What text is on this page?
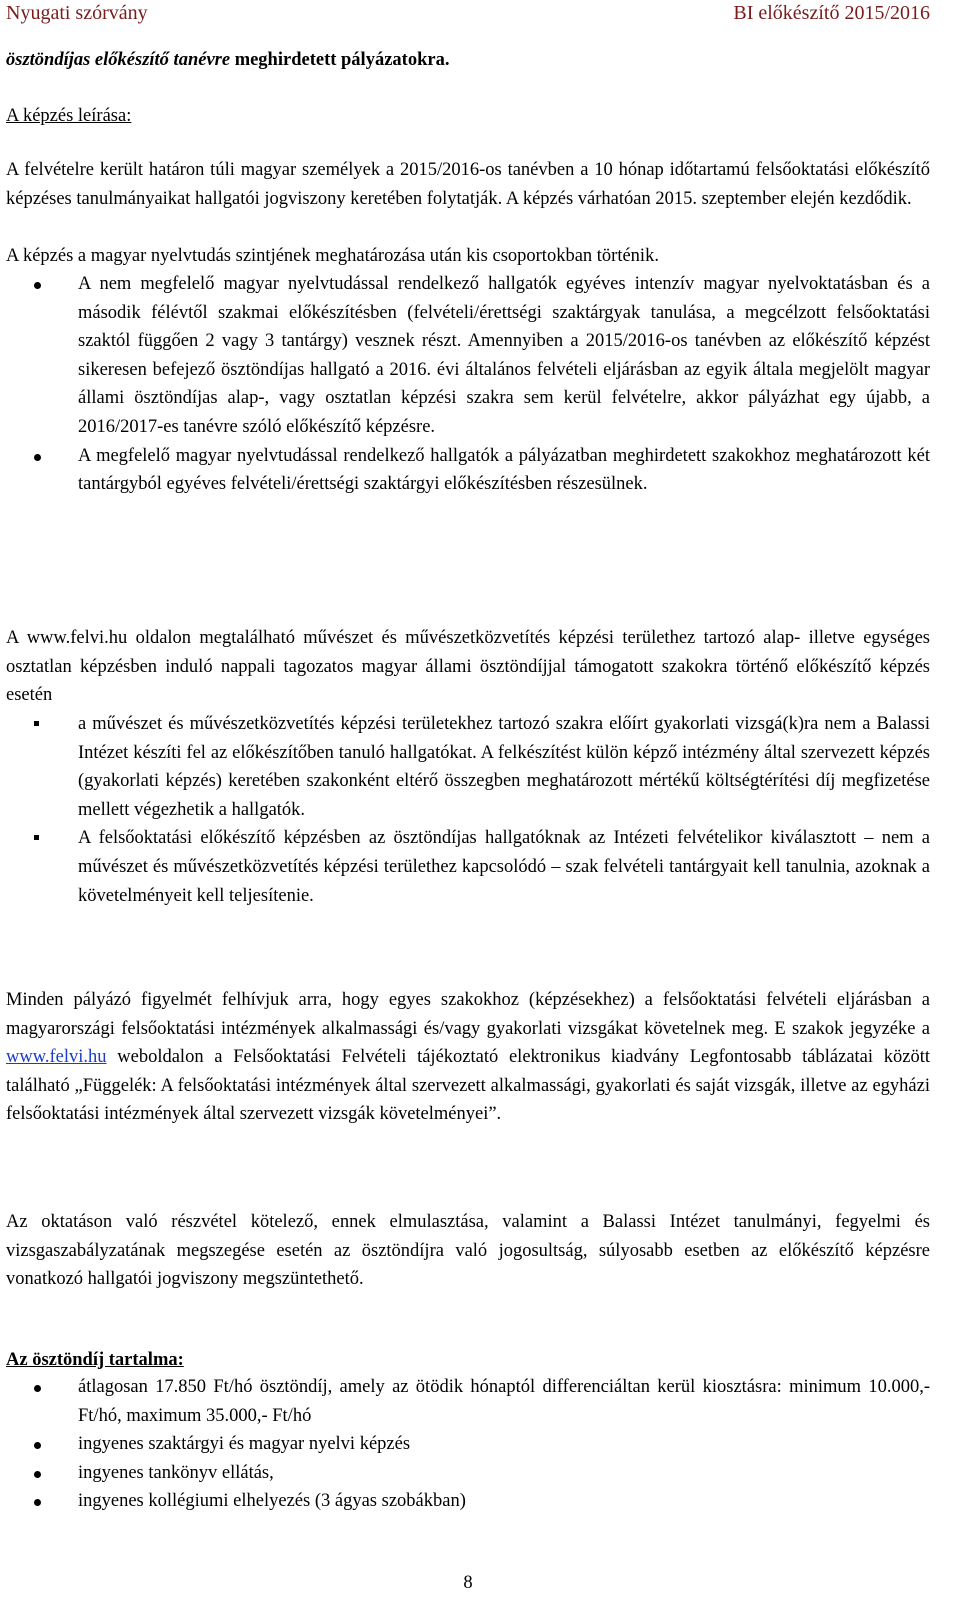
Nyugati szórvány	BI előkészítő 2015/2016
ösztöndíjas előkészítő tanévre meghirdetett pályázatokra.
A képzés leírása:
A felvételre került határon túli magyar személyek a 2015/2016-os tanévben a 10 hónap időtartamú felsőoktatási előkészítő képzéses tanulmányaikat hallgatói jogviszony keretében folytatják. A képzés várhatóan 2015. szeptember elején kezdődik.
A képzés a magyar nyelvtudás szintjének meghatározása után kis csoportokban történik.
A nem megfelelő magyar nyelvtudással rendelkező hallgatók egyéves intenzív magyar nyelvoktatásban és a második félévtől szakmai előkészítésben (felvételi/érettségi szaktárgyak tanulása, a megcélzott felsőoktatási szaktól függően 2 vagy 3 tantárgy) vesznek részt. Amennyiben a 2015/2016-os tanévben az előkészítő képzést sikeresen befejező ösztöndíjas hallgató a 2016. évi általános felvételi eljárásban az egyik általa megjelölt magyar állami ösztöndíjas alap-, vagy osztatlan képzési szakra sem kerül felvételre, akkor pályázhat egy újabb, a 2016/2017-es tanévre szóló előkészítő képzésre.
A megfelelő magyar nyelvtudással rendelkező hallgatók a pályázatban meghirdetett szakokhoz meghatározott két tantárgyból egyéves felvételi/érettségi szaktárgyi előkészítésben részesülnek.
A www.felvi.hu oldalon megtalálható művészet és művészetközvetítés képzési területhez tartozó alap- illetve egységes osztatlan képzésben induló nappali tagozatos magyar állami ösztöndíjjal támogatott szakokra történő előkészítő képzés esetén
a művészet és művészetközvetítés képzési területekhez tartozó szakra előírt gyakorlati vizsgá(k)ra nem a Balassi Intézet készíti fel az előkészítőben tanuló hallgatókat. A felkészítést külön képző intézmény által szervezett képzés (gyakorlati képzés) keretében szakonként eltérő összegben meghatározott mértékű költségtérítési díj megfizetése mellett végezhetik a hallgatók.
A felsőoktatási előkészítő képzésben az ösztöndíjas hallgatóknak az Intézeti felvételikor kiválasztott – nem a művészet és művészetközvetítés képzési területhez kapcsolódó – szak felvételi tantárgyait kell tanulnia, azoknak a követelményeit kell teljesítenie.
Minden pályázó figyelmét felhívjuk arra, hogy egyes szakokhoz (képzésekhez) a felsőoktatási felvételi eljárásban a magyarországi felsőoktatási intézmények alkalmassági és/vagy gyakorlati vizsgákat követelnek meg. E szakok jegyzéke a www.felvi.hu weboldalon a Felsőoktatási Felvételi tájékoztató elektronikus kiadvány Legfontosabb táblázatai között található „Függelék: A felsőoktatási intézmények által szervezett alkalmassági, gyakorlati és saját vizsgák, illetve az egyházi felsőoktatási intézmények által szervezett vizsgák követelményei”.
Az oktatáson való részvétel kötelező, ennek elmulasztása, valamint a Balassi Intézet tanulmányi, fegyelmi és vizsgaszabályzatának megszegése esetén az ösztöndíjra való jogosultság, súlyosabb esetben az előkészítő képzésre vonatkozó hallgatói jogviszony megszüntethető.
Az ösztöndíj tartalma:
átlagosan 17.850 Ft/hó ösztöndíj, amely az ötödik hónaptól differenciáltan kerül kiosztásra: minimum 10.000,- Ft/hó, maximum 35.000,- Ft/hó
ingyenes szaktárgyi és magyar nyelvi képzés
ingyenes tankönyv ellátás,
ingyenes kollégiumi elhelyezés (3 ágyas szobákban)
8
